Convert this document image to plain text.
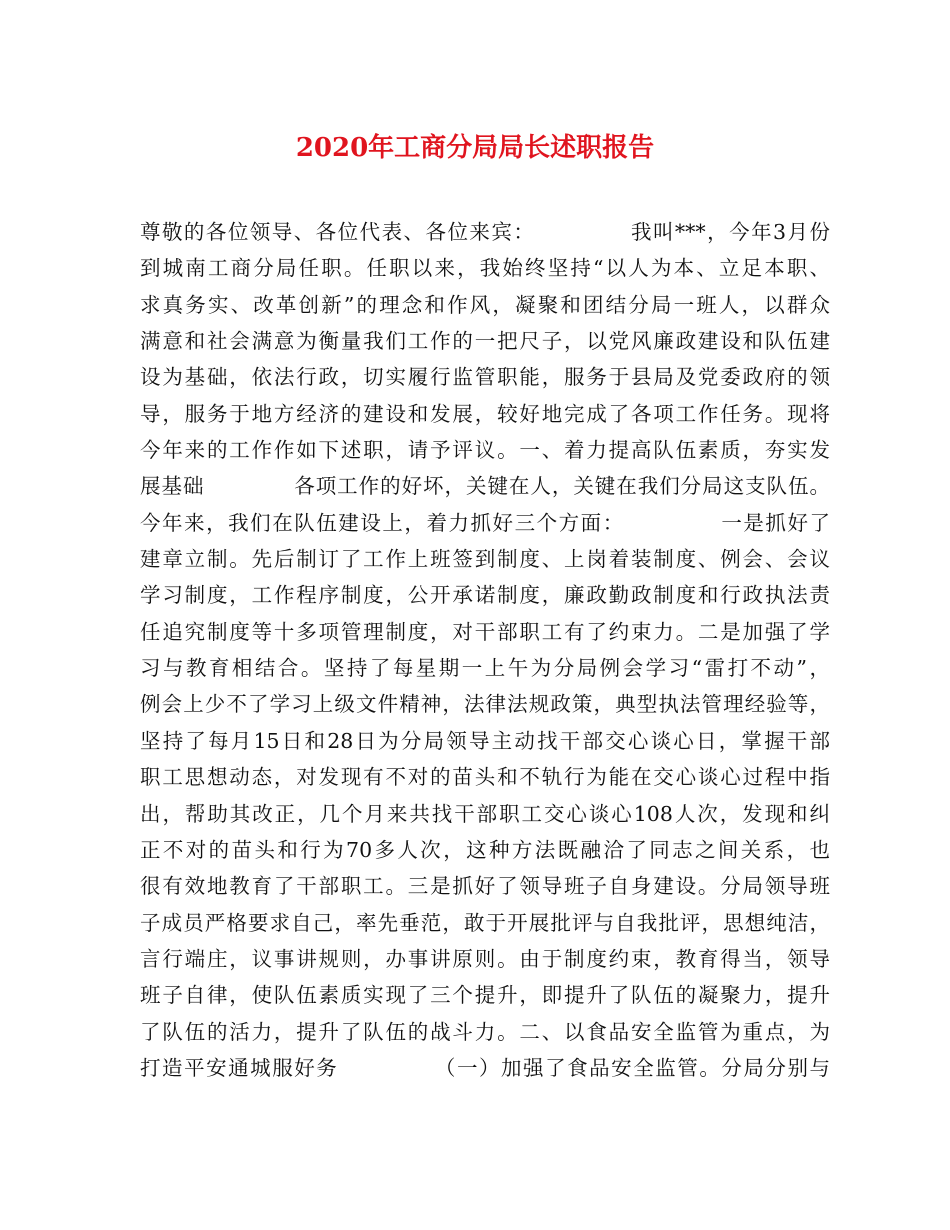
2020年工商分局局长述职报告
尊敬的各位领导、各位代表、各位来宾：            我叫***，今年3月份
到城南工商分局任职。任职以来，我始终坚持“以人为本、立足本职、
求真务实、改革创新”的理念和作风，凝聚和团结分局一班人，以群众
满意和社会满意为衡量我们工作的一把尺子，以党风廉政建设和队伍建
设为基础，依法行政，切实履行监管职能，服务于县局及党委政府的领
导，服务于地方经济的建设和发展，较好地完成了各项工作任务。现将
今年来的工作作如下述职，请予评议。一、着力提高队伍素质，夯实发
展基础            各项工作的好坏，关键在人，关键在我们分局这支队伍。
今年来，我们在队伍建设上，着力抓好三个方面：            一是抓好了
建章立制。先后制订了工作上班签到制度、上岗着装制度、例会、会议
学习制度，工作程序制度，公开承诺制度，廉政勤政制度和行政执法责
任追究制度等十多项管理制度，对干部职工有了约束力。二是加强了学
习与教育相结合。坚持了每星期一上午为分局例会学习“雷打不动”，
例会上少不了学习上级文件精神，法律法规政策，典型执法管理经验等，
坚持了每月15日和28日为分局领导主动找干部交心谈心日，掌握干部
职工思想动态，对发现有不对的苗头和不轨行为能在交心谈心过程中指
出，帮助其改正，几个月来共找干部职工交心谈心108人次，发现和纠
正不对的苗头和行为70多人次，这种方法既融洽了同志之间关系，也
很有效地教育了干部职工。三是抓好了领导班子自身建设。分局领导班
子成员严格要求自己，率先垂范，敢于开展批评与自我批评，思想纯洁，
言行端庄，议事讲规则，办事讲原则。由于制度约束，教育得当，领导
班子自律，使队伍素质实现了三个提升，即提升了队伍的凝聚力，提升
了队伍的活力，提升了队伍的战斗力。二、以食品安全监管为重点，为
打造平安通城服好务            （一）加强了食品安全监管。分局分别与
